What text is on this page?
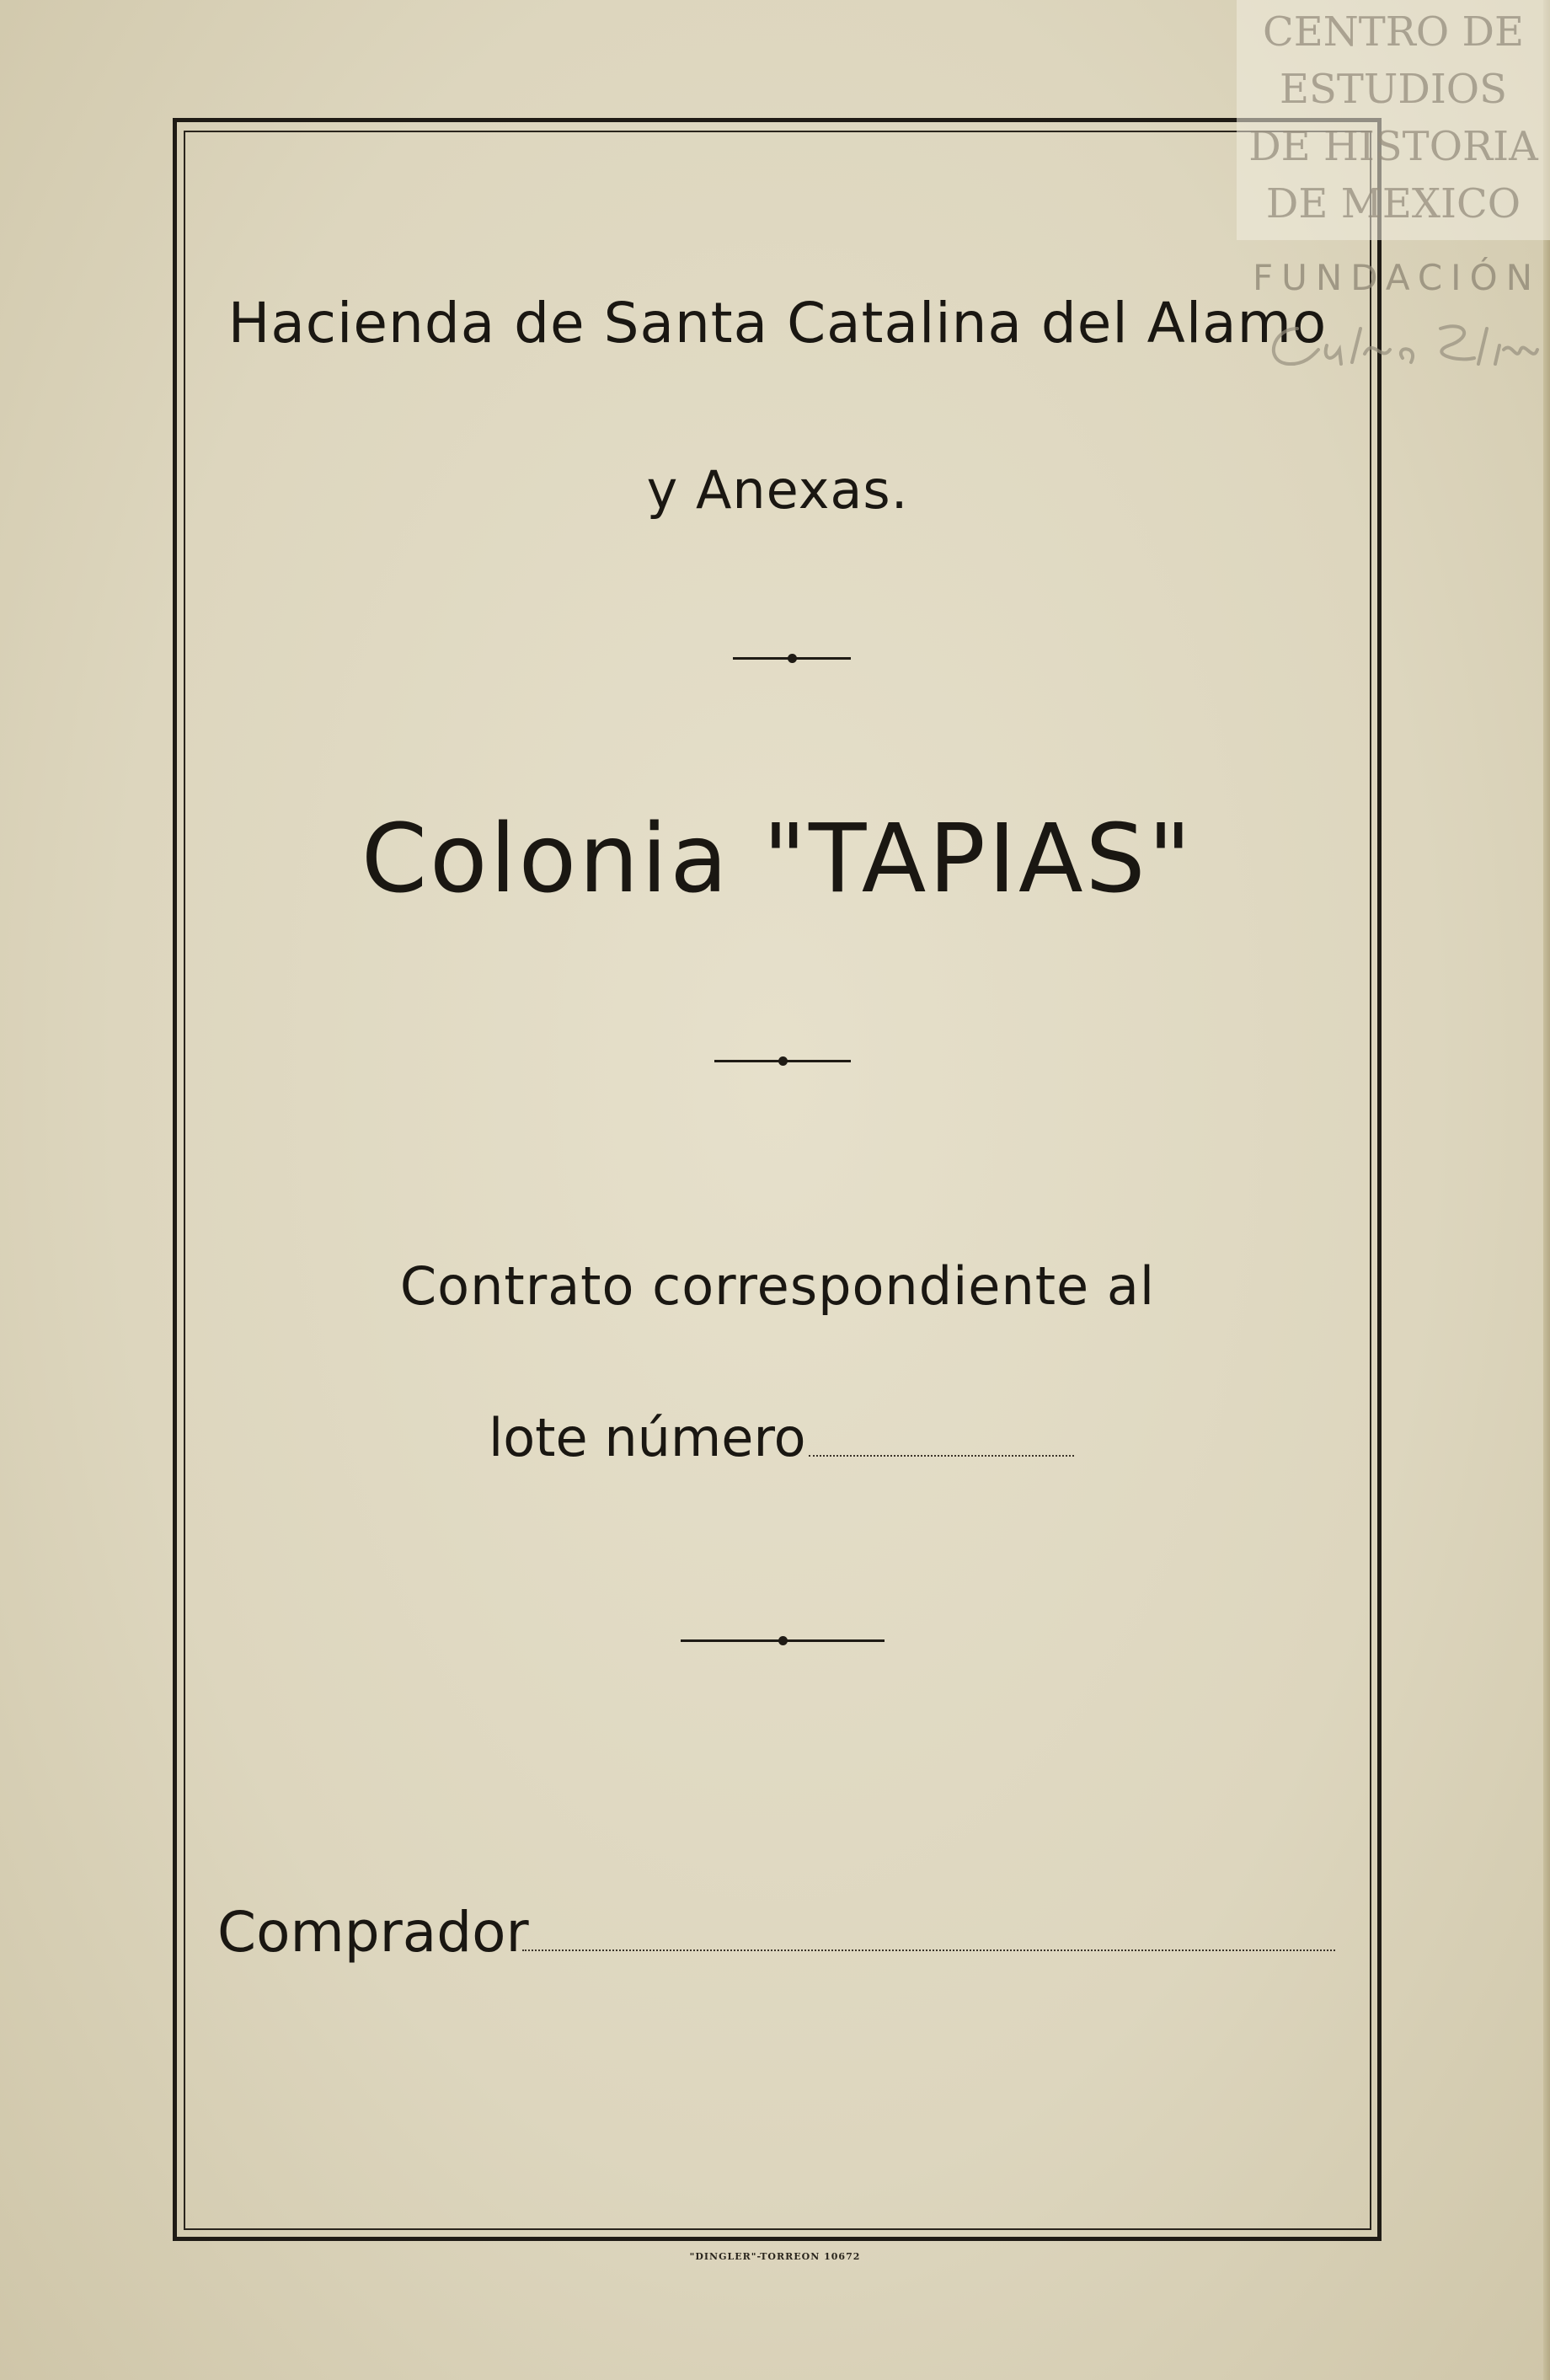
Hacienda de Santa Catalina del Alamo
y Anexas.
Colonia "TAPIAS"
Contrato correspondiente al
lote número
Comprador
"DINGLER"-TORREON 10672
CENTRO DE
ESTUDIOS
DE HISTORIA
DE MEXICO
FUNDACIÓN
